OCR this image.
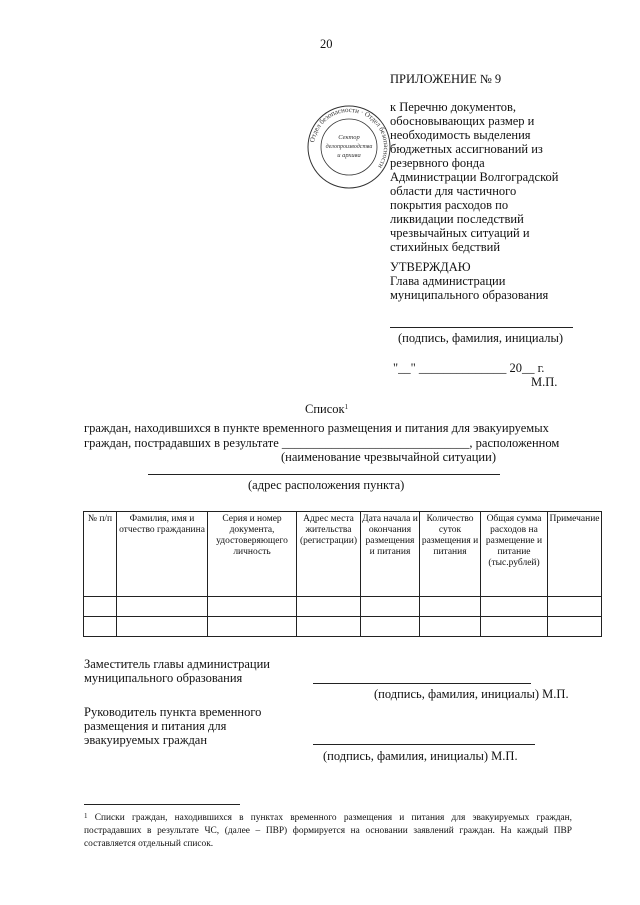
20
ПРИЛОЖЕНИЕ № 9
к Перечню документов,
обосновывающих размер и
необходимость выделения
бюджетных ассигнований из
резервного фонда
Администрации Волгоградской
области для частичного
покрытия расходов по
ликвидации последствий
чрезвычайных ситуаций и
стихийных бедствий
Отдел безопасности · Отдел безопасности
Сектор
делопроизводства
и архива
УТВЕРЖДАЮ
Глава администрации
муниципального образования
(подпись, фамилия, инициалы)
"__" ______________ 20__ г.
М.П.
Список$^1$
граждан, находившихся в пункте временного размещения и питания для эвакуируемых
граждан, пострадавших в результате ______________________________, расположенном
(наименование чрезвычайной ситуации)
(адрес расположения пункта)
№ п/п	Фамилия, имя и отчество гражданина	Серия и номер документа, удостоверяющего личность	Адрес места жительства (регистрации)	Дата начала и окончания размещения и питания	Количество суток размещения и питания	Общая сумма расходов на размещение и питание (тыс.рублей)	Примечание

Заместитель главы администрации
муниципального образования
(подпись, фамилия, инициалы) М.П.
Руководитель пункта временного
размещения и питания для
эвакуируемых граждан
(подпись, фамилия, инициалы) М.П.
$^1$ Списки граждан, находившихся в пунктах временного размещения и питания для эвакуируемых граждан, пострадавших в результате ЧС, (далее – ПВР) формируется на основании заявлений граждан. На каждый ПВР составляется отдельный список.
